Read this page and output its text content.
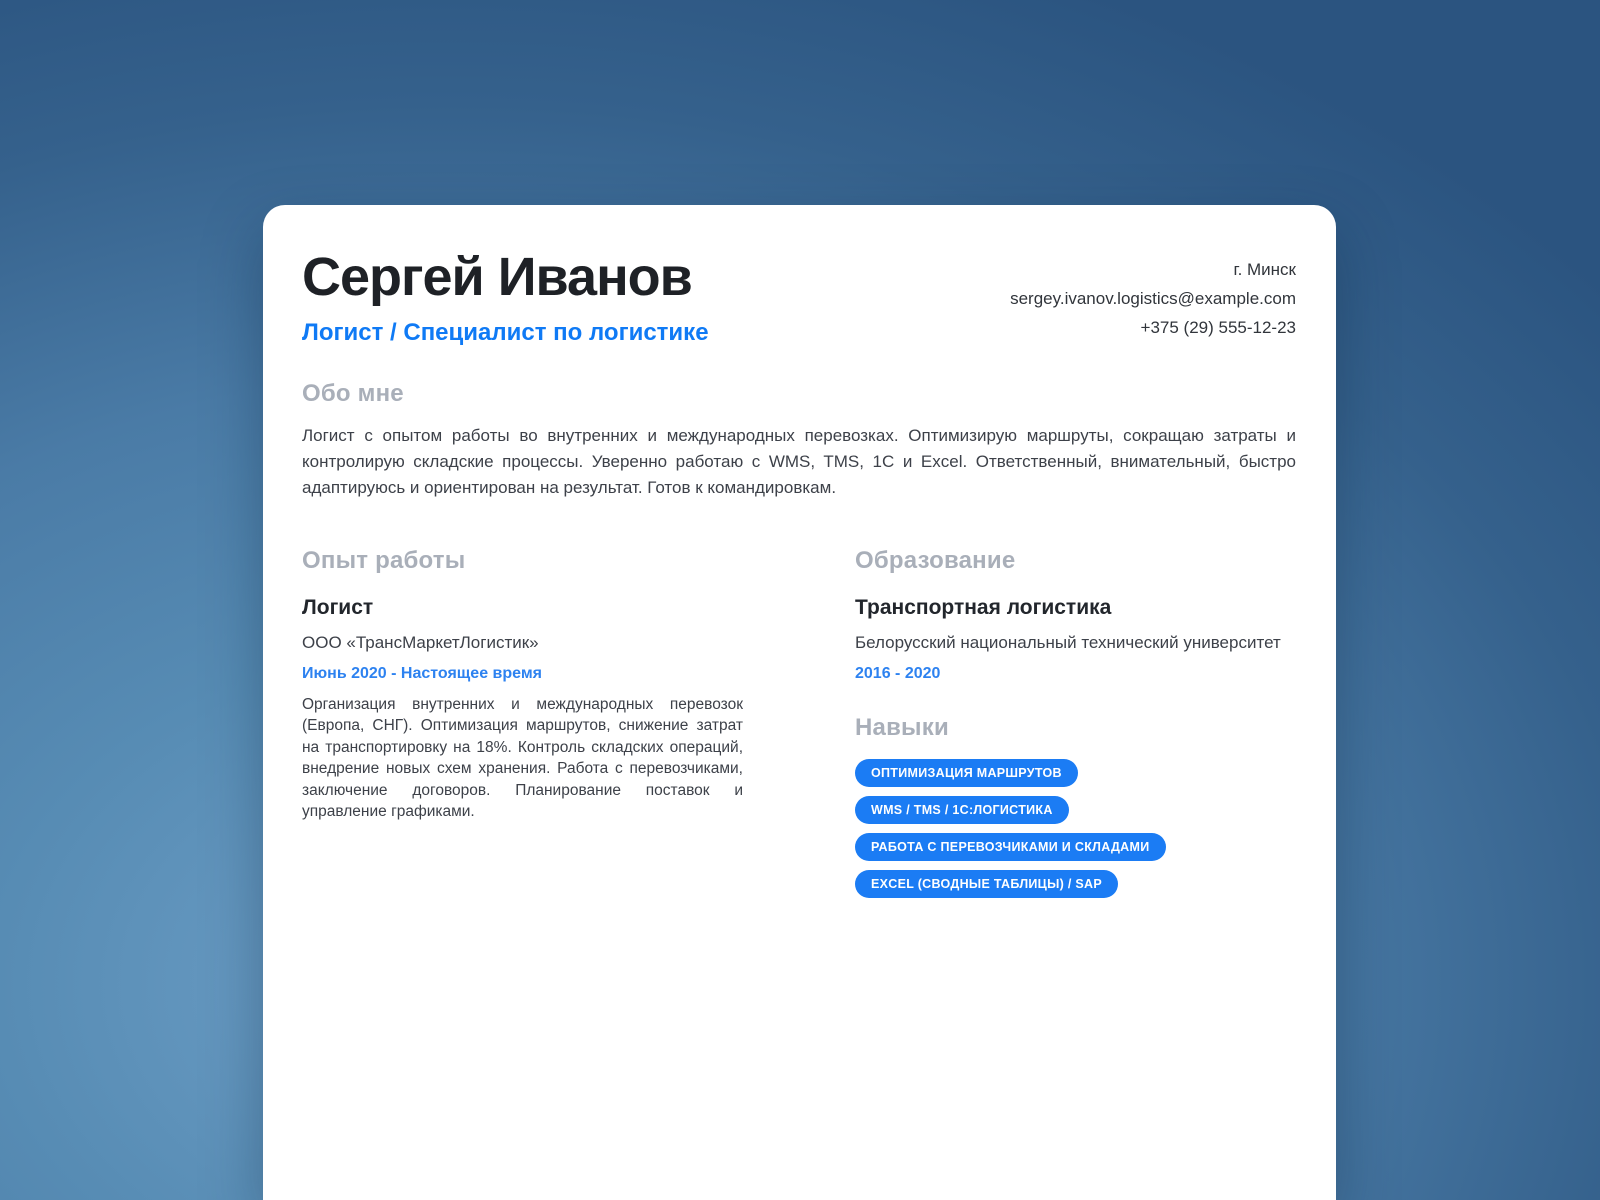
Сергей Иванов
Логист / Специалист по логистике
г. Минск
sergey.ivanov.logistics@example.com
+375 (29) 555-12-23
Обо мне
Логист с опытом работы во внутренних и международных перевозках. Оптимизирую маршруты, сокращаю затраты и контролирую складские процессы. Уверенно работаю с WMS, TMS, 1С и Excel. Ответственный, внимательный, быстро адаптируюсь и ориентирован на результат. Готов к командировкам.
Опыт работы
Логист
ООО «ТрансМаркетЛогистик»
Июнь 2020 - Настоящее время
Организация внутренних и международных перевозок (Европа, СНГ). Оптимизация маршрутов, снижение затрат на транспортировку на 18%. Контроль складских операций, внедрение новых схем хранения. Работа с перевозчиками, заключение договоров. Планирование поставок и управление графиками.
Образование
Транспортная логистика
Белорусский национальный технический университет
2016 - 2020
Навыки
ОПТИМИЗАЦИЯ МАРШРУТОВ
WMS / TMS / 1С:ЛОГИСТИКА
РАБОТА С ПЕРЕВОЗЧИКАМИ И СКЛАДАМИ
EXCEL (СВОДНЫЕ ТАБЛИЦЫ) / SAP
